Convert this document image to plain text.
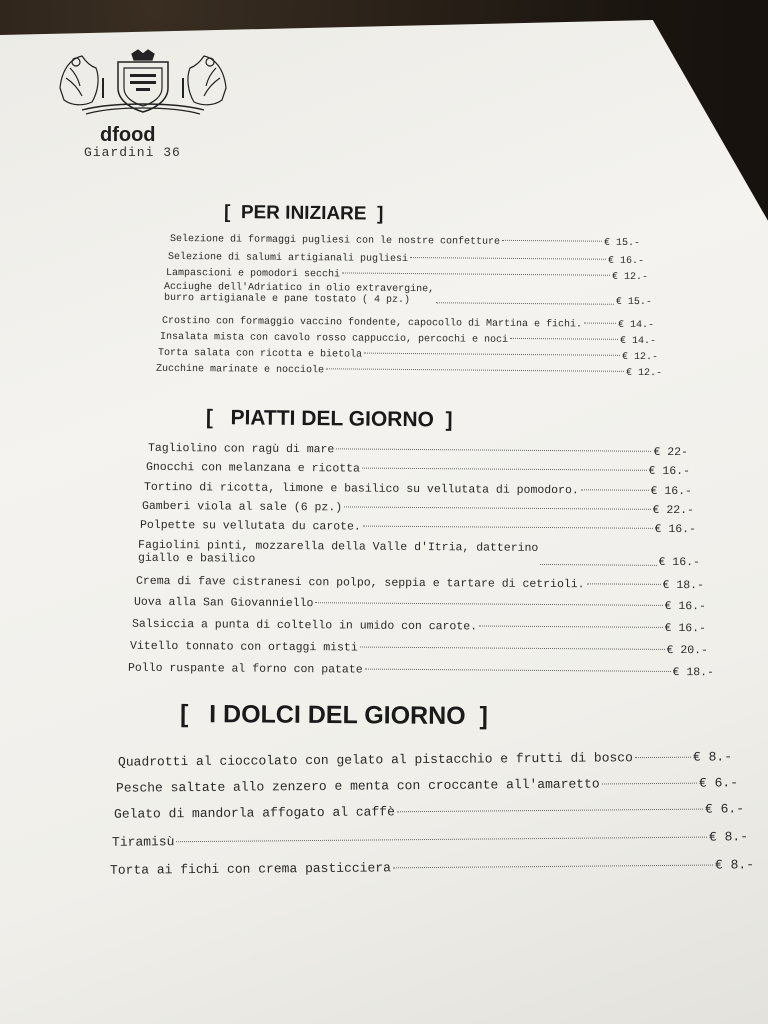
dfood
Giardini 36
[ PER INIZIARE ]
Selezione di formaggi pugliesi con le nostre confetture	€ 15.-
Selezione di salumi artigianali pugliesi	€ 16.-
Lampascioni e pomodori secchi	€ 12.-
Acciughe dell'Adriatico in olio extravergine,
burro artigianale e pane tostato ( 4 pz.)	€ 15.-
Crostino con formaggio vaccino fondente, capocollo di Martina e fichi.	€ 14.-
Insalata mista con cavolo rosso cappuccio, percochi e noci	€ 14.-
Torta salata con ricotta e bietola	€ 12.-
Zucchine marinate e nocciole	€ 12.-
[ PIATTI DEL GIORNO ]
Tagliolino con ragù di mare	€ 22-
Gnocchi con melanzana e ricotta	€ 16.-
Tortino di ricotta, limone e basilico su vellutata di pomodoro.	€ 16.-
Gamberi viola al sale (6 pz.)	€ 22.-
Polpette su vellutata du carote.	€ 16.-
Fagiolini pinti, mozzarella della Valle d'Itria, datterino
giallo e basilico	€ 16.-
Crema di fave cistranesi con polpo, seppia e tartare di cetrioli.	€ 18.-
Uova alla San Giovanniello	€ 16.-
Salsiccia a punta di coltello in umido con carote.	€ 16.-
Vitello tonnato con ortaggi misti	€ 20.-
Pollo ruspante al forno con patate	€ 18.-
[ I DOLCI DEL GIORNO ]
Quadrotti al cioccolato con gelato al pistacchio e frutti di bosco	€ 8.-
Pesche saltate allo zenzero e menta con croccante all'amaretto	€ 6.-
Gelato di mandorla affogato al caffè	€ 6.-
Tiramisù	€ 8.-
Torta ai fichi con crema pasticciera	€ 8.-
